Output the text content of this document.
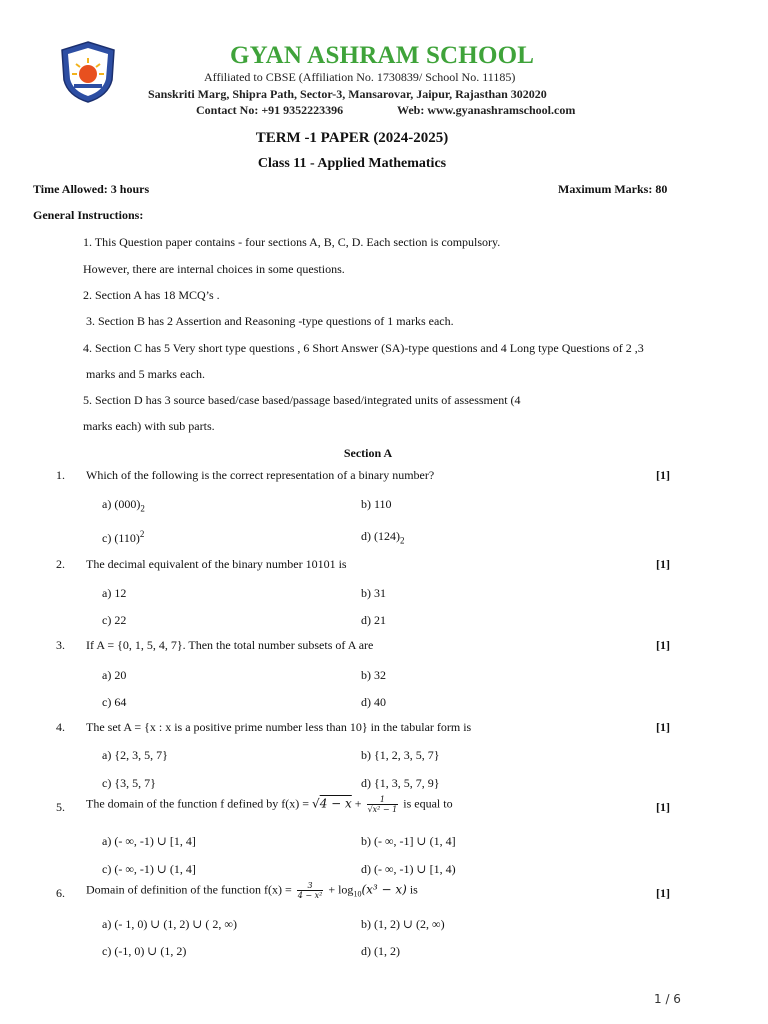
GYAN ASHRAM SCHOOL
Affiliated to CBSE (Affiliation No. 1730839/ School No. 11185)
Sanskriti Marg, Shipra Path, Sector-3, Mansarovar, Jaipur, Rajasthan 302020
Contact No: +91 9352223396	Web: www.gyanashramschool.com
TERM -1 PAPER (2024-2025)
Class 11 - Applied Mathematics
Time Allowed: 3 hours	Maximum Marks: 80
General Instructions:
1. This Question paper contains - four sections A, B, C, D. Each section is compulsory.
However, there are internal choices in some questions.
2. Section A has 18 MCQ’s .
3. Section B has 2 Assertion and Reasoning -type questions of 1 marks each.
4. Section C has 5 Very short type questions , 6 Short Answer (SA)-type questions and 4 Long type Questions of 2 ,3
marks and 5 marks each.
5. Section D has 3 source based/case based/passage based/integrated units of assessment (4
marks each) with sub parts.
Section A
1. Which of the following is the correct representation of a binary number?	[1]
a) $(000)_2$	b) 110
c) $(110)^2$	d) $(124)_2$
2. The decimal equivalent of the binary number 10101 is	[1]
a) 12	b) 31
c) 22	d) 21
3. If A = {0, 1, 5, 4, 7}. Then the total number subsets of A are	[1]
a) 20	b) 32
c) 64	d) 40
4. The set A = {x : x is a positive prime number less than 10} in the tabular form is	[1]
a) {2, 3, 5, 7}	b) {1, 2, 3, 5, 7}
c) {3, 5, 7}	d) {1, 3, 5, 7, 9}
5. The domain of the function f defined by $f(x) = √4 - x + \frac{1}{\text{√x² − 1}}$ is equal to	[1]
a) (- ∞, -1) ∪ [1, 4]	b) (- ∞, -1] ∪ (1, 4]
c) (- ∞, -1) ∪ (1, 4]	d) (- ∞, -1) ∪ [1, 4)
6. Domain of definition of the function $f(x) = \frac{3}{\text{4 − x²}} + \log_{10}(x^3 - x)$ is	[1]
a) (- 1, 0) ∪ (1, 2) ∪ ( 2, ∞)	b) (1, 2) ∪ (2, ∞)
c) (-1, 0) ∪ (1, 2)	d) (1, 2)
1 / 6
